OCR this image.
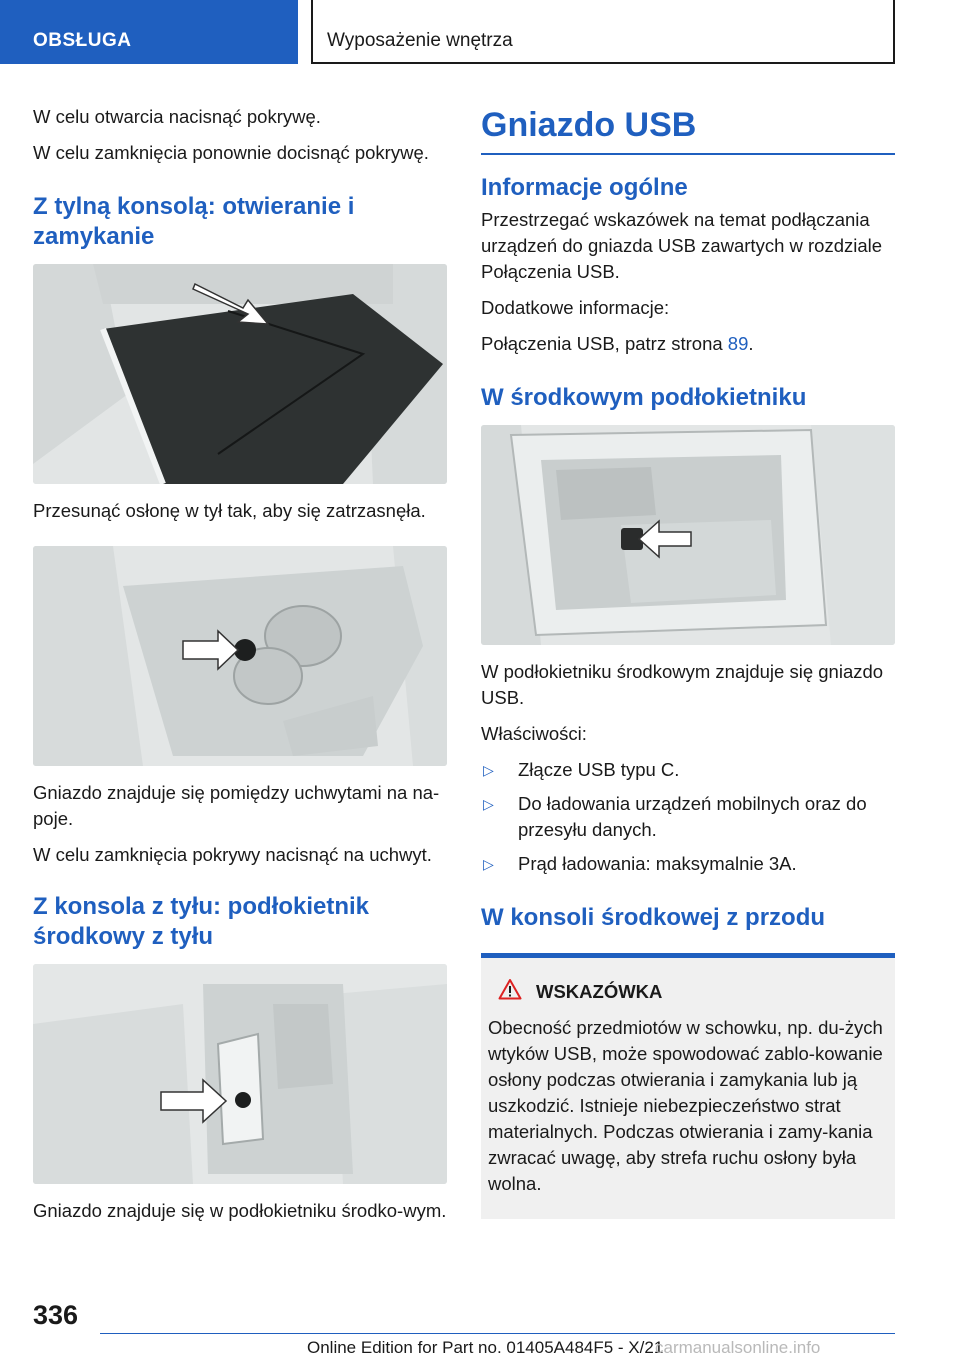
OBSŁUGA	Wyposażenie wnętrza

W celu otwarcia nacisnąć pokrywę.

W celu zamknięcia ponownie docisnąć pokrywę.

Z tylną konsolą: otwieranie i zamykanie

Przesunąć osłonę w tył tak, aby się zatrzasnęła.

Gniazdo znajduje się pomiędzy uchwytami na na-poje.

W celu zamknięcia pokrywy nacisnąć na uchwyt.

Z konsola z tyłu: podłokietnik środkowy z tyłu

Gniazdo znajduje się w podłokietniku środko-wym.

Gniazdo USB
Informacje ogólne

Przestrzegać wskazówek na temat podłączania urządzeń do gniazda USB zawartych w rozdziale Połączenia USB.

Dodatkowe informacje:

Połączenia USB, patrz strona 89.

W środkowym podłokietniku

W podłokietniku środkowym znajduje się gniazdo USB.

Właściwości:

▷ Złącze USB typu C.
▷ Do ładowania urządzeń mobilnych oraz do przesyłu danych.
▷ Prąd ładowania: maksymalnie 3A.
W konsoli środkowej z przodu
WSKAZÓWKA

Obecność przedmiotów w schowku, np. du-żych wtyków USB, może spowodować zablo-kowanie osłony podczas otwierania i zamykania lub ją uszkodzić. Istnieje niebezpieczeństwo strat materialnych. Podczas otwierania i zamy-kania zwracać uwagę, aby strefa ruchu osłony była wolna.

336
Online Edition for Part no. 01405A484F5 - X/21
carmanualsonline.info
